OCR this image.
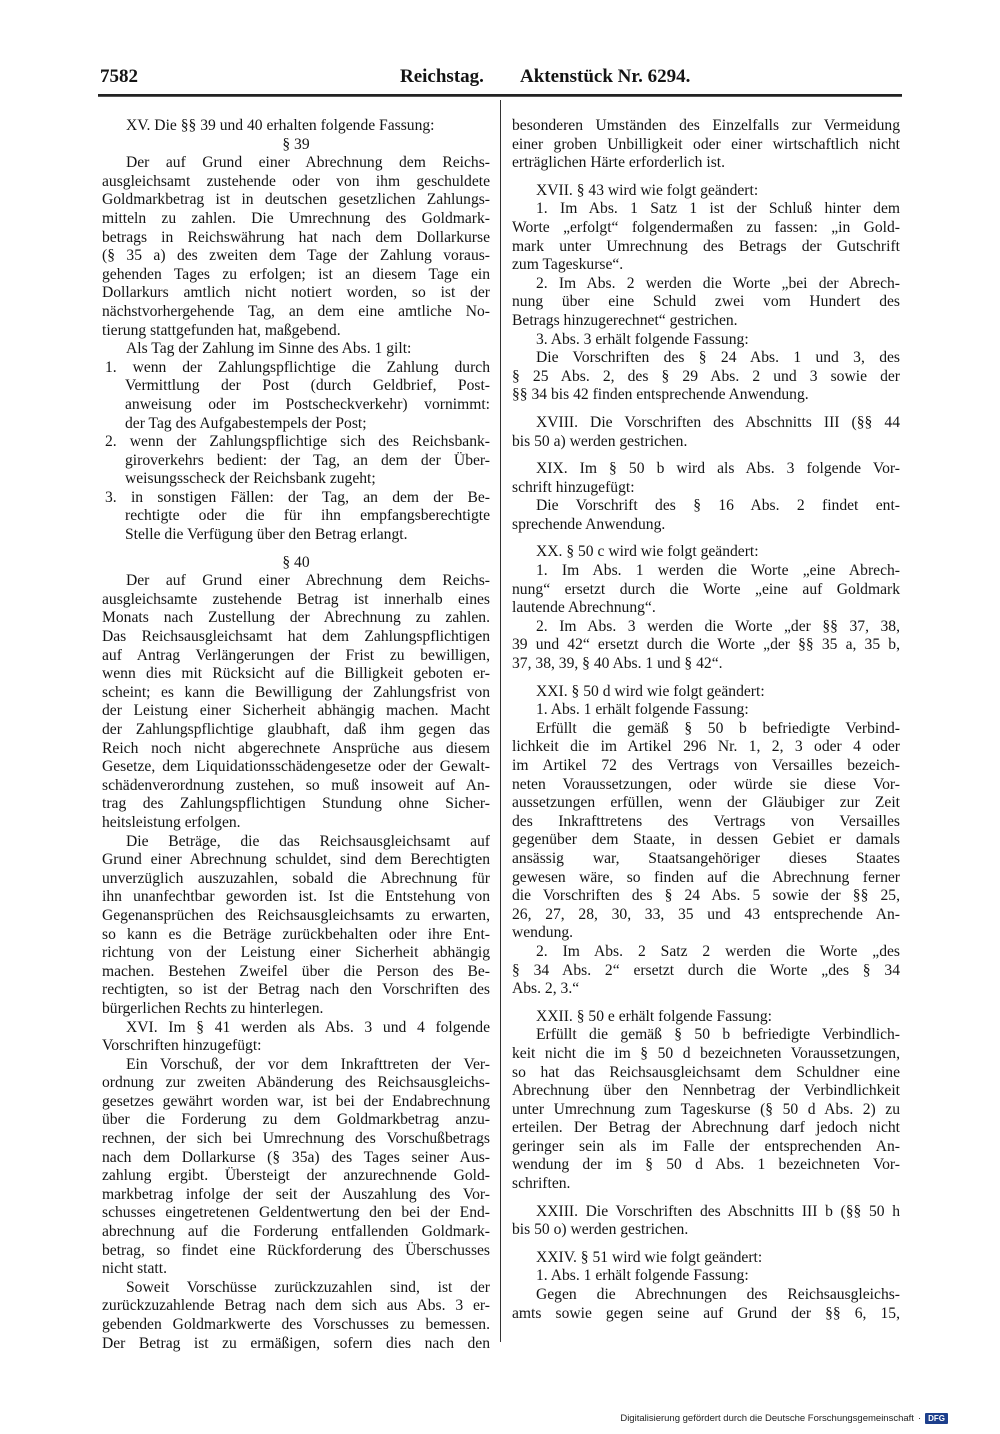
7582	Reichstag. Aktenstück Nr. 6294.
XV. Die §§ 39 und 40 erhalten folgende Fassung:
§ 39
Der auf Grund einer Abrechnung dem Reichs-
ausgleichsamt zustehende oder von ihm geschuldete
Goldmarkbetrag ist in deutschen gesetzlichen Zahlungs-
mitteln zu zahlen. Die Umrechnung des Goldmark-
betrags in Reichswährung hat nach dem Dollarkurse
(§ 35 a) des zweiten dem Tage der Zahlung voraus-
gehenden Tages zu erfolgen; ist an diesem Tage ein
Dollarkurs amtlich nicht notiert worden, so ist der
nächstvorhergehende Tag, an dem eine amtliche No-
tierung stattgefunden hat, maßgebend.
Als Tag der Zahlung im Sinne des Abs. 1 gilt:
1. wenn der Zahlungspflichtige die Zahlung durch
Vermittlung der Post (durch Geldbrief, Post-
anweisung oder im Postscheckverkehr) vornimmt:
der Tag des Aufgabestempels der Post;
2. wenn der Zahlungspflichtige sich des Reichsbank-
giroverkehrs bedient: der Tag, an dem der Über-
weisungsscheck der Reichsbank zugeht;
3. in sonstigen Fällen: der Tag, an dem der Be-
rechtigte oder die für ihn empfangsberechtigte
Stelle die Verfügung über den Betrag erlangt.
§ 40
Der auf Grund einer Abrechnung dem Reichs-
ausgleichsamte zustehende Betrag ist innerhalb eines
Monats nach Zustellung der Abrechnung zu zahlen.
Das Reichsausgleichsamt hat dem Zahlungspflichtigen
auf Antrag Verlängerungen der Frist zu bewilligen,
wenn dies mit Rücksicht auf die Billigkeit geboten er-
scheint; es kann die Bewilligung der Zahlungsfrist von
der Leistung einer Sicherheit abhängig machen. Macht
der Zahlungspflichtige glaubhaft, daß ihm gegen das
Reich noch nicht abgerechnete Ansprüche aus diesem
Gesetze, dem Liquidationsschädengesetze oder der Gewalt-
schädenverordnung zustehen, so muß insoweit auf An-
trag des Zahlungspflichtigen Stundung ohne Sicher-
heitsleistung erfolgen.
Die Beträge, die das Reichsausgleichsamt auf
Grund einer Abrechnung schuldet, sind dem Berechtigten
unverzüglich auszuzahlen, sobald die Abrechnung für
ihn unanfechtbar geworden ist. Ist die Entstehung von
Gegenansprüchen des Reichsausgleichsamts zu erwarten,
so kann es die Beträge zurückbehalten oder ihre Ent-
richtung von der Leistung einer Sicherheit abhängig
machen. Bestehen Zweifel über die Person des Be-
rechtigten, so ist der Betrag nach den Vorschriften des
bürgerlichen Rechts zu hinterlegen.
XVI. Im § 41 werden als Abs. 3 und 4 folgende
Vorschriften hinzugefügt:
Ein Vorschuß, der vor dem Inkrafttreten der Ver-
ordnung zur zweiten Abänderung des Reichsausgleichs-
gesetzes gewährt worden war, ist bei der Endabrechnung
über die Forderung zu dem Goldmarkbetrag anzu-
rechnen, der sich bei Umrechnung des Vorschußbetrags
nach dem Dollarkurse (§ 35a) des Tages seiner Aus-
zahlung ergibt. Übersteigt der anzurechnende Gold-
markbetrag infolge der seit der Auszahlung des Vor-
schusses eingetretenen Geldentwertung den bei der End-
abrechnung auf die Forderung entfallenden Goldmark-
betrag, so findet eine Rückforderung des Überschusses
nicht statt.
Soweit Vorschüsse zurückzuzahlen sind, ist der
zurückzuzahlende Betrag nach dem sich aus Abs. 3 er-
gebenden Goldmarkwerte des Vorschusses zu bemessen.
Der Betrag ist zu ermäßigen, sofern dies nach den
besonderen Umständen des Einzelfalls zur Vermeidung
einer groben Unbilligkeit oder einer wirtschaftlich nicht
erträglichen Härte erforderlich ist.
XVII. § 43 wird wie folgt geändert:
1. Im Abs. 1 Satz 1 ist der Schluß hinter dem
Worte „erfolgt“ folgendermaßen zu fassen: „in Gold-
mark unter Umrechnung des Betrags der Gutschrift
zum Tageskurse“.
2. Im Abs. 2 werden die Worte „bei der Abrech-
nung über eine Schuld zwei vom Hundert des
Betrags hinzugerechnet“ gestrichen.
3. Abs. 3 erhält folgende Fassung:
Die Vorschriften des § 24 Abs. 1 und 3, des
§ 25 Abs. 2, des § 29 Abs. 2 und 3 sowie der
§§ 34 bis 42 finden entsprechende Anwendung.
XVIII. Die Vorschriften des Abschnitts III (§§ 44
bis 50 a) werden gestrichen.
XIX. Im § 50 b wird als Abs. 3 folgende Vor-
schrift hinzugefügt:
Die Vorschrift des § 16 Abs. 2 findet ent-
sprechende Anwendung.
XX. § 50 c wird wie folgt geändert:
1. Im Abs. 1 werden die Worte „eine Abrech-
nung“ ersetzt durch die Worte „eine auf Goldmark
lautende Abrechnung“.
2. Im Abs. 3 werden die Worte „der §§ 37, 38,
39 und 42“ ersetzt durch die Worte „der §§ 35 a, 35 b,
37, 38, 39, § 40 Abs. 1 und § 42“.
XXI. § 50 d wird wie folgt geändert:
1. Abs. 1 erhält folgende Fassung:
Erfüllt die gemäß § 50 b befriedigte Verbind-
lichkeit die im Artikel 296 Nr. 1, 2, 3 oder 4 oder
im Artikel 72 des Vertrags von Versailles bezeich-
neten Voraussetzungen, oder würde sie diese Vor-
aussetzungen erfüllen, wenn der Gläubiger zur Zeit
des Inkrafttretens des Vertrags von Versailles
gegenüber dem Staate, in dessen Gebiet er damals
ansässig war, Staatsangehöriger dieses Staates
gewesen wäre, so finden auf die Abrechnung ferner
die Vorschriften des § 24 Abs. 5 sowie der §§ 25,
26, 27, 28, 30, 33, 35 und 43 entsprechende An-
wendung.
2. Im Abs. 2 Satz 2 werden die Worte „des
§ 34 Abs. 2“ ersetzt durch die Worte „des § 34
Abs. 2, 3.“
XXII. § 50 e erhält folgende Fassung:
Erfüllt die gemäß § 50 b befriedigte Verbindlich-
keit nicht die im § 50 d bezeichneten Voraussetzungen,
so hat das Reichsausgleichsamt dem Schuldner eine
Abrechnung über den Nennbetrag der Verbindlichkeit
unter Umrechnung zum Tageskurse (§ 50 d Abs. 2) zu
erteilen. Der Betrag der Abrechnung darf jedoch nicht
geringer sein als im Falle der entsprechenden An-
wendung der im § 50 d Abs. 1 bezeichneten Vor-
schriften.
XXIII. Die Vorschriften des Abschnitts III b (§§ 50 h
bis 50 o) werden gestrichen.
XXIV. § 51 wird wie folgt geändert:
1. Abs. 1 erhält folgende Fassung:
Gegen die Abrechnungen des Reichsausgleichs-
amts sowie gegen seine auf Grund der §§ 6, 15,
Digitalisierung gefördert durch die Deutsche Forschungsgemeinschaft · DFG
